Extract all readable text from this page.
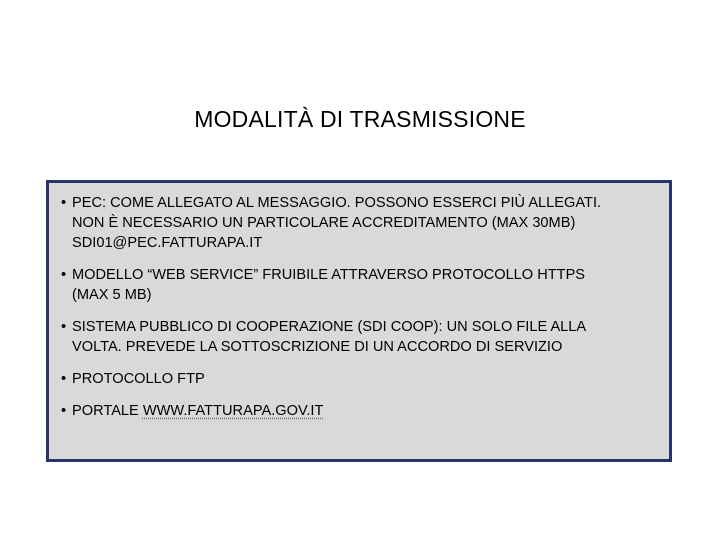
MODALITÀ DI TRASMISSIONE
• PEC: COME ALLEGATO AL MESSAGGIO. POSSONO ESSERCI PIÙ ALLEGATI.
NON È NECESSARIO UN PARTICOLARE ACCREDITAMENTO (MAX 30MB)
SDI01@PEC.FATTURAPA.IT
• MODELLO “WEB SERVICE” FRUIBILE ATTRAVERSO PROTOCOLLO HTTPS
(MAX 5 MB)
• SISTEMA PUBBLICO DI COOPERAZIONE (SDI COOP): UN SOLO FILE ALLA
VOLTA. PREVEDE LA SOTTOSCRIZIONE DI UN ACCORDO DI SERVIZIO
• PROTOCOLLO FTP
• PORTALE WWW.FATTURAPA.GOV.IT
